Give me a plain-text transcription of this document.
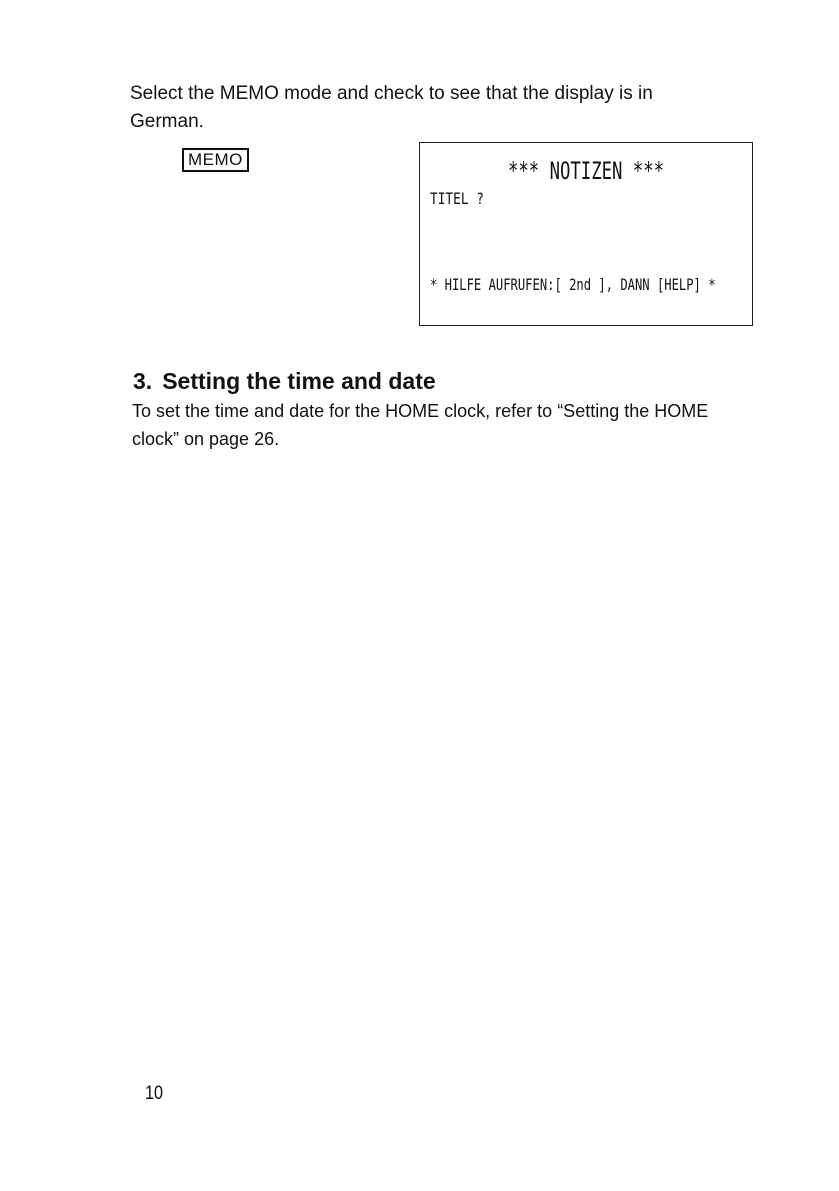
Select the MEMO mode and check to see that the display is in German.

MEMO	*** NOTIZEN ***
TITEL ?
* HILFE AUFRUFEN:[ 2nd ], DANN [HELP] *
3. Setting the time and date

To set the time and date for the HOME clock, refer to “Setting the HOME clock” on page 26.

10
